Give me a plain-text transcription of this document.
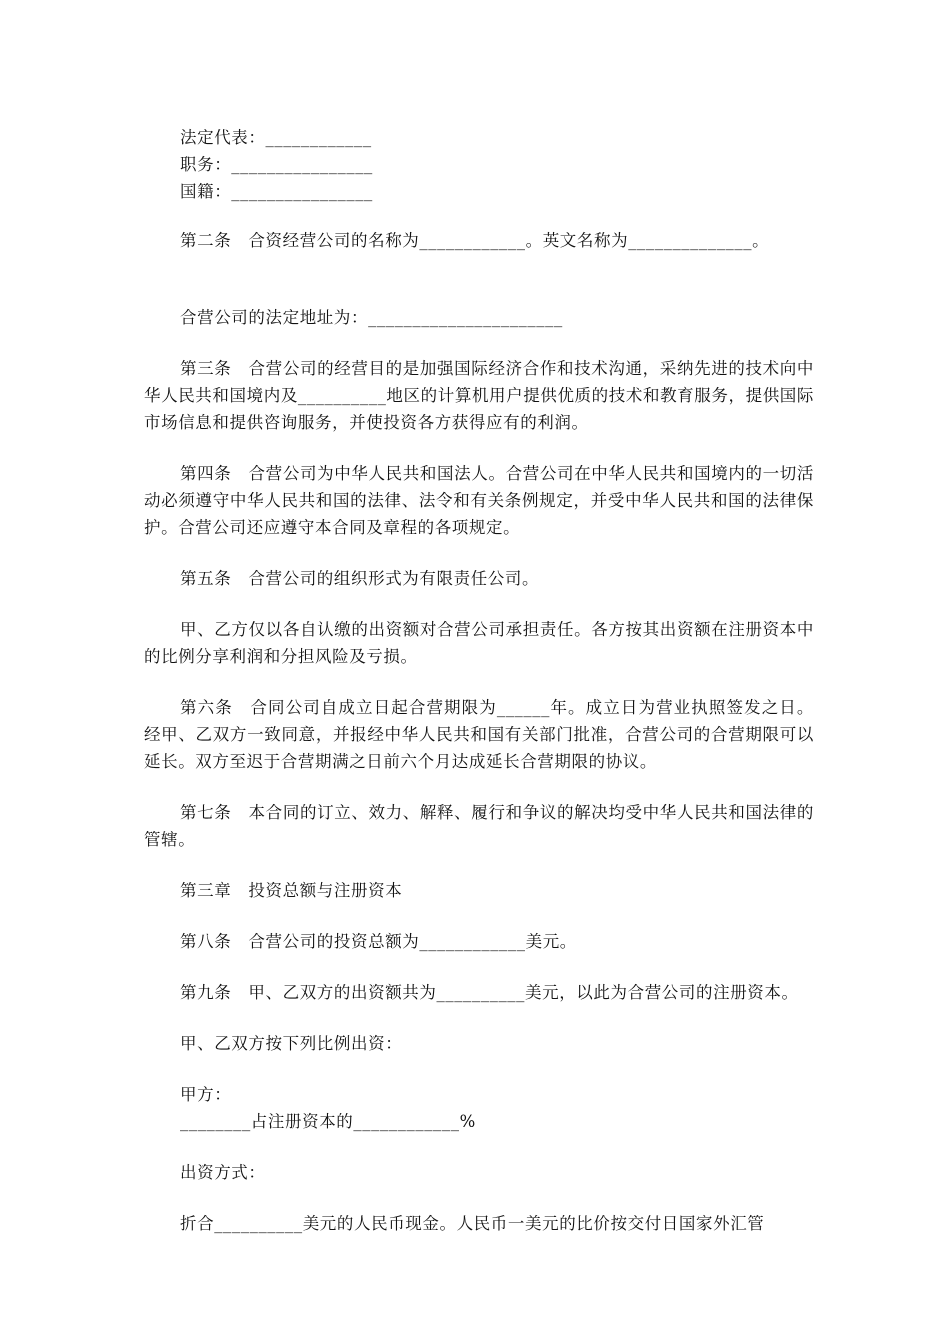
法定代表：____________

职务：________________

国籍：________________

第二条　合资经营公司的名称为____________。英文名称为______________。

合营公司的法定地址为：______________________

第三条　合营公司的经营目的是加强国际经济合作和技术沟通，采纳先进的技术向中华人民共和国境内及__________地区的计算机用户提供优质的技术和教育服务，提供国际市场信息和提供咨询服务，并使投资各方获得应有的利润。

第四条　合营公司为中华人民共和国法人。合营公司在中华人民共和国境内的一切活动必须遵守中华人民共和国的法律、法令和有关条例规定，并受中华人民共和国的法律保护。合营公司还应遵守本合同及章程的各项规定。

第五条　合营公司的组织形式为有限责任公司。

甲、乙方仅以各自认缴的出资额对合营公司承担责任。各方按其出资额在注册资本中的比例分享利润和分担风险及亏损。

第六条　合同公司自成立日起合营期限为______年。成立日为营业执照签发之日。经甲、乙双方一致同意，并报经中华人民共和国有关部门批准，合营公司的合营期限可以延长。双方至迟于合营期满之日前六个月达成延长合营期限的协议。

第七条　本合同的订立、效力、解释、履行和争议的解决均受中华人民共和国法律的管辖。

第三章　投资总额与注册资本

第八条　合营公司的投资总额为____________美元。

第九条　甲、乙双方的出资额共为__________美元，以此为合营公司的注册资本。

甲、乙双方按下列比例出资：

甲方：

________占注册资本的____________%

出资方式：

折合__________美元的人民币现金。人民币一美元的比价按交付日国家外汇管
